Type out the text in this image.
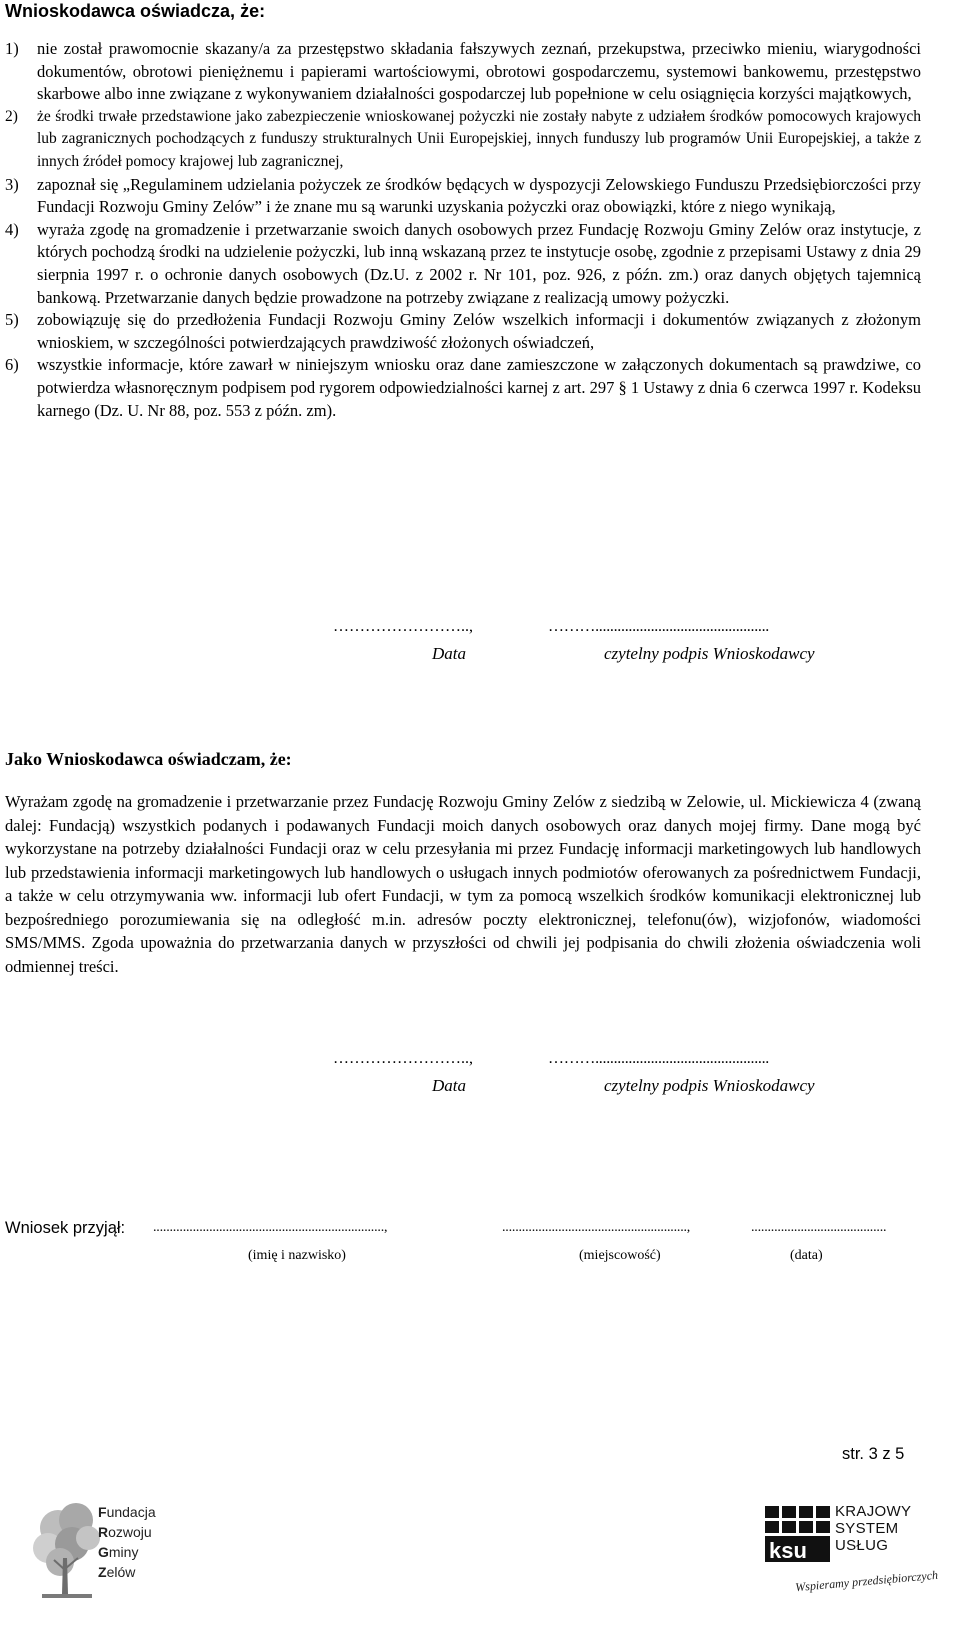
Wnioskodawca oświadcza, że:
1) nie został prawomocnie skazany/a za przestępstwo składania fałszywych zeznań, przekupstwa, przeciwko mieniu, wiarygodności dokumentów, obrotowi pieniężnemu i papierami wartościowymi, obrotowi gospodarczemu, systemowi bankowemu, przestępstwo skarbowe albo inne związane z wykonywaniem działalności gospodarczej lub popełnione w celu osiągnięcia korzyści majątkowych,
2) że środki trwałe przedstawione jako zabezpieczenie wnioskowanej pożyczki nie zostały nabyte z udziałem środków pomocowych krajowych lub zagranicznych pochodzących z funduszy strukturalnych Unii Europejskiej, innych funduszy lub programów Unii Europejskiej, a także z innych źródeł pomocy krajowej lub zagranicznej,
3) zapoznał się „Regulaminem udzielania pożyczek ze środków będących w dyspozycji Zelowskiego Funduszu Przedsiębiorczości przy Fundacji Rozwoju Gminy Zelów” i że znane mu są warunki uzyskania pożyczki oraz obowiązki, które z niego wynikają,
4) wyraża zgodę na gromadzenie i przetwarzanie swoich danych osobowych przez Fundację Rozwoju Gminy Zelów oraz instytucje, z których pochodzą środki na udzielenie pożyczki, lub inną wskazaną przez te instytucje osobę, zgodnie z przepisami Ustawy z dnia 29 sierpnia 1997 r. o ochronie danych osobowych (Dz.U. z 2002 r. Nr 101, poz. 926, z późn. zm.) oraz danych objętych tajemnicą bankową. Przetwarzanie danych będzie prowadzone na potrzeby związane z realizacją umowy pożyczki.
5) zobowiązuję się do przedłożenia Fundacji Rozwoju Gminy Zelów wszelkich informacji i dokumentów związanych z złożonym wnioskiem, w szczególności potwierdzających prawdziwość złożonych oświadczeń,
6) wszystkie informacje, które zawarł w niniejszym wniosku oraz dane zamieszczone w załączonych dokumentach są prawdziwe, co potwierdza własnoręcznym podpisem pod rygorem odpowiedzialności karnej z art. 297 § 1 Ustawy z dnia 6 czerwca 1997 r. Kodeksu karnego (Dz. U. Nr 88, poz. 553 z późn. zm).
……………………..,	………...............................................
Data	czytelny podpis Wnioskodawcy
Jako Wnioskodawca oświadczam, że:

Wyrażam zgodę na gromadzenie i przetwarzanie przez Fundację Rozwoju Gminy Zelów z siedzibą w Zelowie, ul. Mickiewicza 4 (zwaną dalej: Fundacją) wszystkich podanych i podawanych Fundacji moich danych osobowych oraz danych mojej firmy. Dane mogą być wykorzystane na potrzeby działalności Fundacji oraz w celu przesyłania mi przez Fundację informacji marketingowych lub handlowych lub przedstawienia informacji marketingowych lub handlowych o usługach innych podmiotów oferowanych za pośrednictwem Fundacji, a także w celu otrzymywania ww. informacji lub ofert Fundacji, w tym za pomocą wszelkich środków komunikacji elektronicznej lub bezpośredniego porozumiewania się na odległość m.in. adresów poczty elektronicznej, telefonu(ów), wizjofonów, wiadomości SMS/MMS. Zgoda upoważnia do przetwarzania danych w przyszłości od chwili jej podpisania do chwili złożenia oświadczenia woli odmiennej treści.

……………………..,	………...............................................
Data	czytelny podpis Wnioskodawcy
Wniosek przyjął: ......................................................................,	........................................................,	.........................................
(imię i nazwisko)	(miejscowość)	(data)
str. 3 z 5
Fundacja
Rozwoju
Gminy
Zelów
ksu
KRAJOWY
SYSTEM
USŁUG
Wspieramy przedsiębiorczych
